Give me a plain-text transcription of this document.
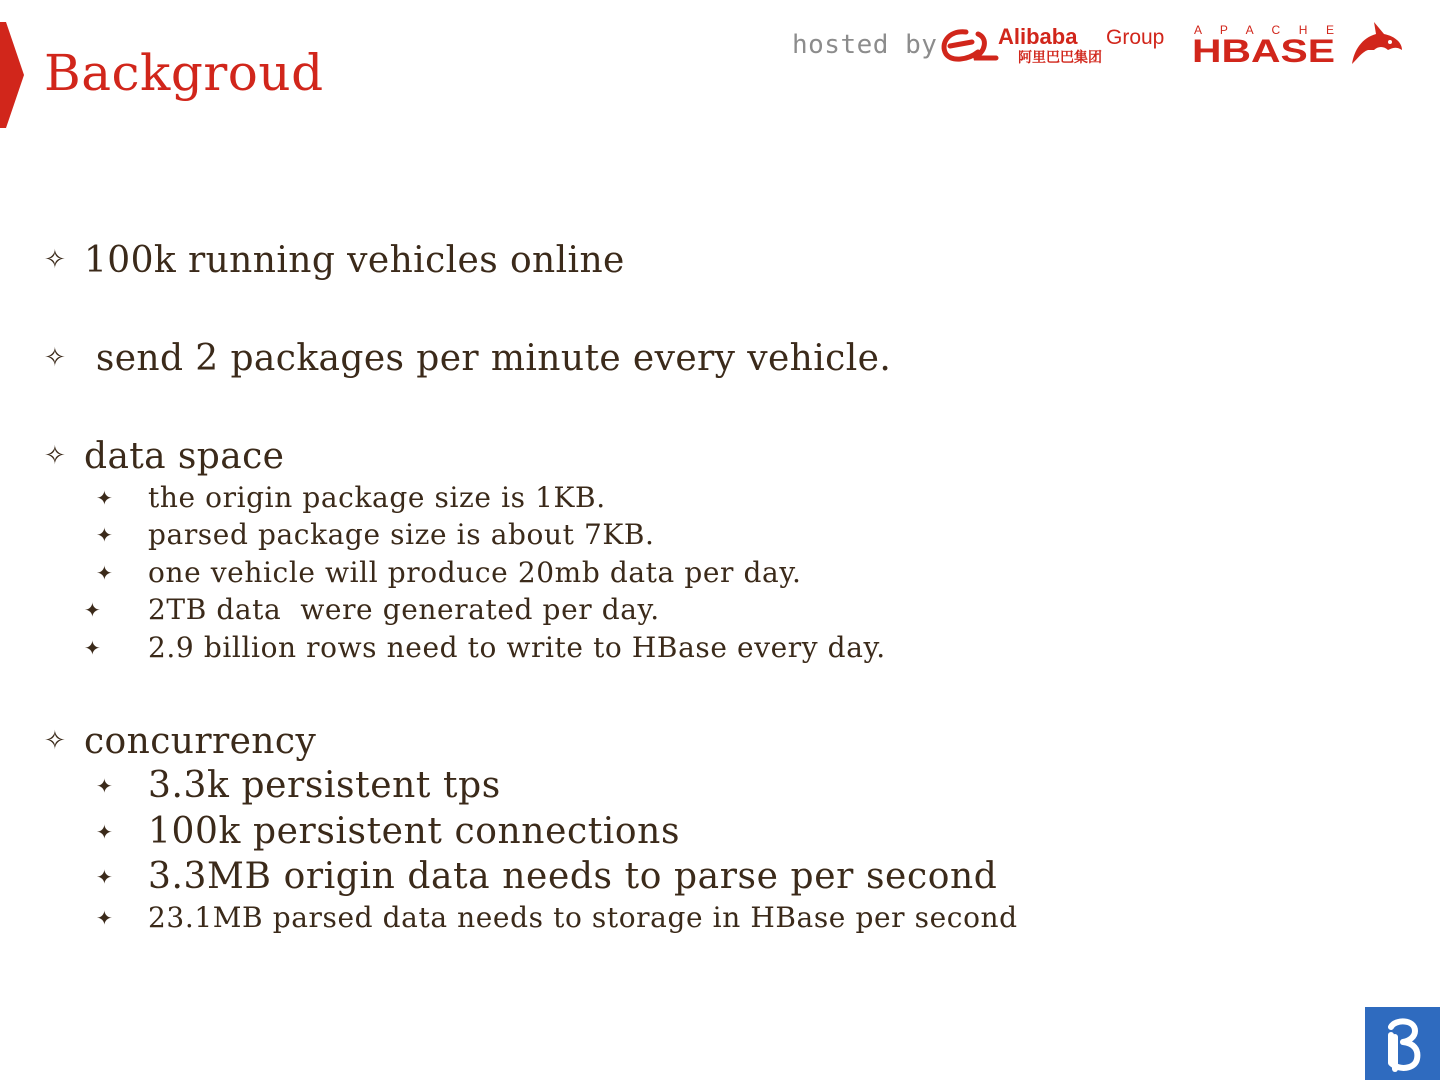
Backgroud	hosted by	Alibaba Group
阿里巴巴集团
A P A C H E
HBASE
✧ 100k running vehicles online
✧ send 2 packages per minute every vehicle.
✧ data space
✦ the origin package size is 1KB.
✦ parsed package size is about 7KB.
✦ one vehicle will produce 20mb data per day.
✦ 2TB data  were generated per day.
✦ 2.9 billion rows need to write to HBase every day.
✧ concurrency
✦ 3.3k persistent tps
✦ 100k persistent connections
✦ 3.3MB origin data needs to parse per second
✦ 23.1MB parsed data needs to storage in HBase per second
